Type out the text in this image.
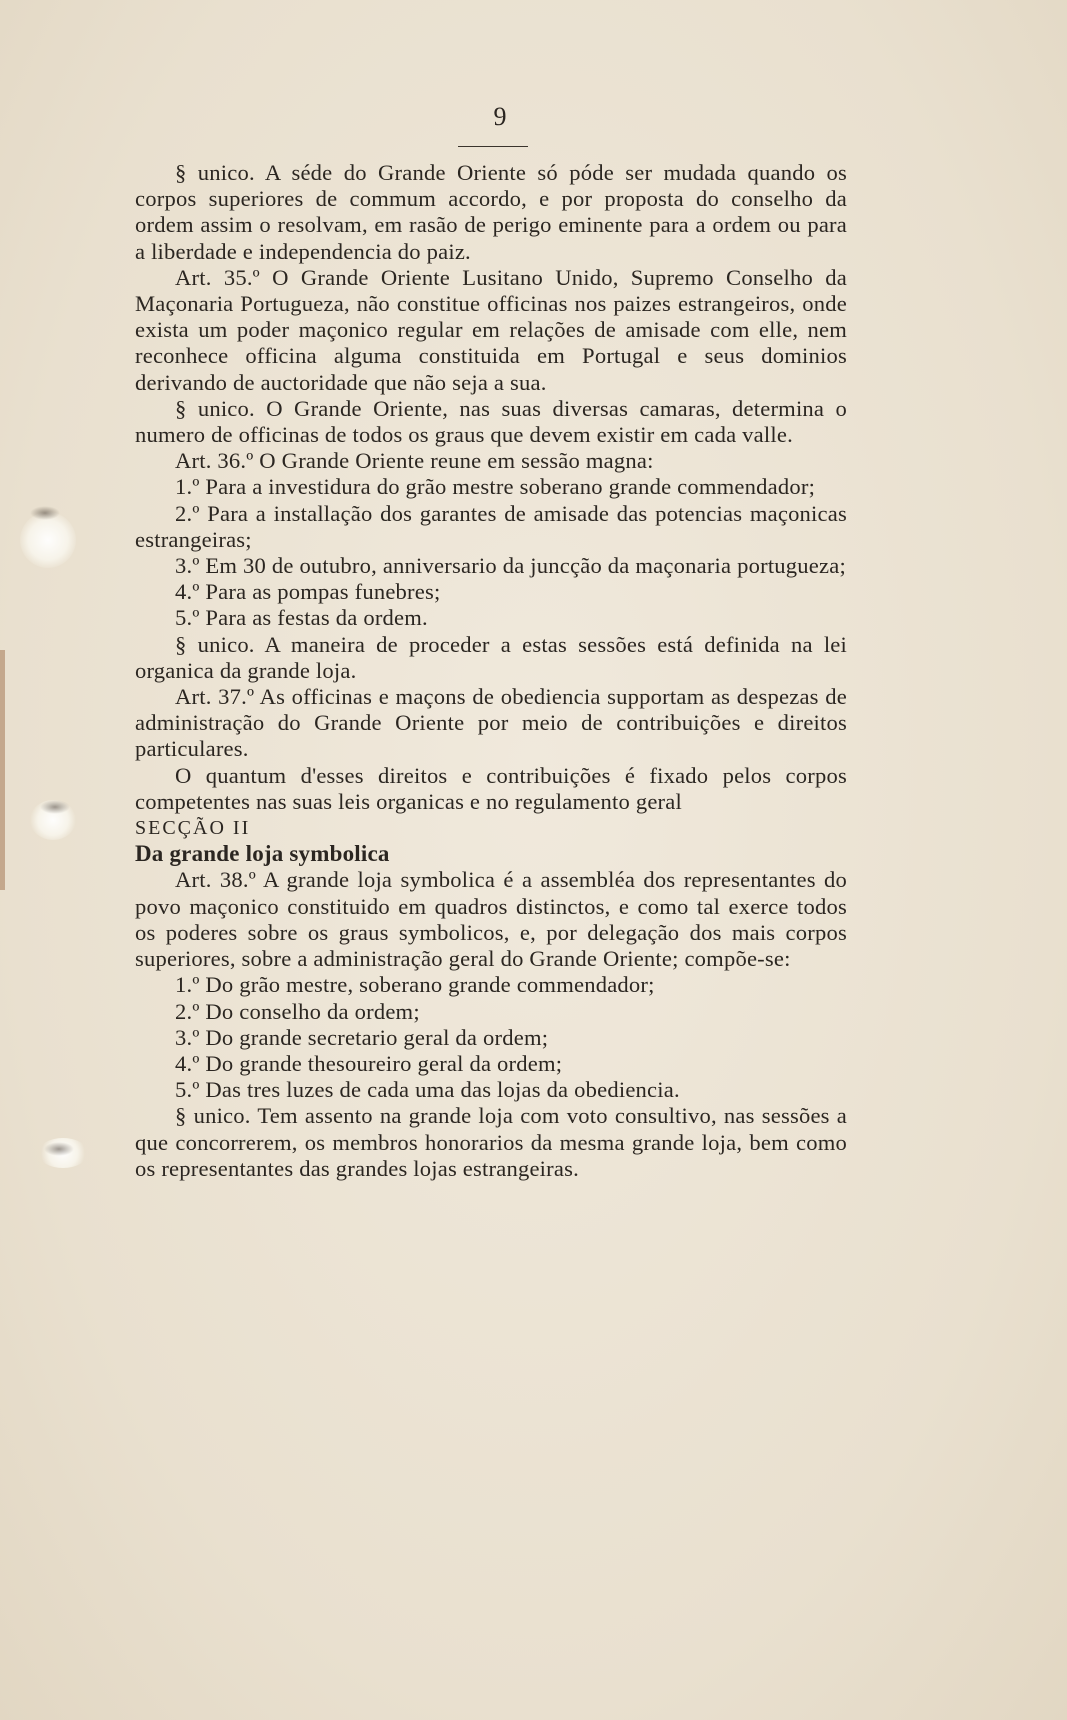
9

§ unico. A séde do Grande Oriente só póde ser mudada quando os corpos superiores de commum accordo, e por proposta do conselho da ordem assim o resolvam, em rasão de perigo eminente para a ordem ou para a liberdade e independencia do paiz.

Art. 35.º O Grande Oriente Lusitano Unido, Supremo Conselho da Maçonaria Portugueza, não constitue officinas nos paizes estrangeiros, onde exista um poder maçonico regular em relações de amisade com elle, nem reconhece officina alguma constituida em Portugal e seus dominios derivando de auctoridade que não seja a sua.

§ unico. O Grande Oriente, nas suas diversas camaras, determina o numero de officinas de todos os graus que devem existir em cada valle.

Art. 36.º O Grande Oriente reune em sessão magna:

1.º Para a investidura do grão mestre soberano grande commendador;

2.º Para a installação dos garantes de amisade das potencias maçonicas estrangeiras;

3.º Em 30 de outubro, anniversario da juncção da maçonaria portugueza;

4.º Para as pompas funebres;

5.º Para as festas da ordem.

§ unico. A maneira de proceder a estas sessões está definida na lei organica da grande loja.

Art. 37.º As officinas e maçons de obediencia supportam as despezas de administração do Grande Oriente por meio de contribuições e direitos particulares.

O quantum d'esses direitos e contribuições é fixado pelos corpos competentes nas suas leis organicas e no regulamento geral

SECÇÃO II

Da grande loja symbolica

Art. 38.º A grande loja symbolica é a assembléa dos representantes do povo maçonico constituido em quadros distinctos, e como tal exerce todos os poderes sobre os graus symbolicos, e, por delegação dos mais corpos superiores, sobre a administração geral do Grande Oriente; compõe-se:

1.º Do grão mestre, soberano grande commendador;

2.º Do conselho da ordem;

3.º Do grande secretario geral da ordem;

4.º Do grande thesoureiro geral da ordem;

5.º Das tres luzes de cada uma das lojas da obediencia.

§ unico. Tem assento na grande loja com voto consultivo, nas sessões a que concorrerem, os membros honorarios da mesma grande loja, bem como os representantes das grandes lojas estrangeiras.
